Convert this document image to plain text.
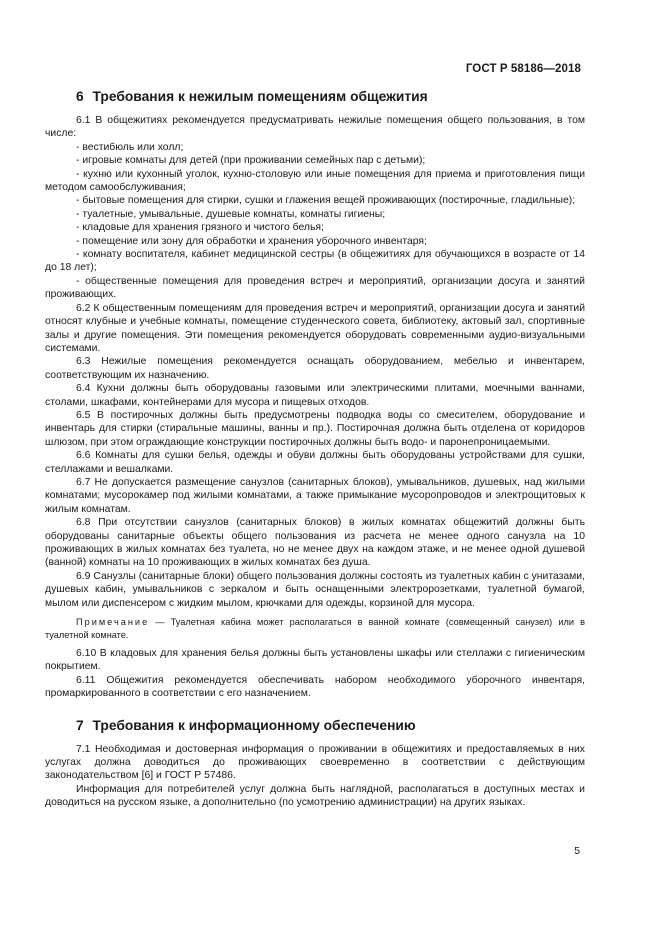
ГОСТ Р 58186—2018
6 Требования к нежилым помещениям общежития

6.1 В общежитиях рекомендуется предусматривать нежилые помещения общего пользования, в том числе:

- вестибюль или холл;

- игровые комнаты для детей (при проживании семейных пар с детьми);

- кухню или кухонный уголок, кухню-столовую или иные помещения для приема и приготовления пищи методом самообслуживания;

- бытовые помещения для стирки, сушки и глажения вещей проживающих (постирочные, гладильные);

- туалетные, умывальные, душевые комнаты, комнаты гигиены;

- кладовые для хранения грязного и чистого белья;

- помещение или зону для обработки и хранения уборочного инвентаря;

- комнату воспитателя, кабинет медицинской сестры (в общежитиях для обучающихся в возрасте от 14 до 18 лет);

- общественные помещения для проведения встреч и мероприятий, организации досуга и занятий проживающих.

6.2 К общественным помещениям для проведения встреч и мероприятий, организации досуга и занятий относят клубные и учебные комнаты, помещение студенческого совета, библиотеку, актовый зал, спортивные залы и другие помещения. Эти помещения рекомендуется оборудовать современными аудио-визуальными системами.

6.3 Нежилые помещения рекомендуется оснащать оборудованием, мебелью и инвентарем, соответствующим их назначению.

6.4 Кухни должны быть оборудованы газовыми или электрическими плитами, моечными ваннами, столами, шкафами, контейнерами для мусора и пищевых отходов.

6.5 В постирочных должны быть предусмотрены подводка воды со смесителем, оборудование и инвентарь для стирки (стиральные машины, ванны и пр.). Постирочная должна быть отделена от коридоров шлюзом, при этом ограждающие конструкции постирочных должны быть водо- и паронепроницаемыми.

6.6 Комнаты для сушки белья, одежды и обуви должны быть оборудованы устройствами для сушки, стеллажами и вешалками.

6.7 Не допускается размещение санузлов (санитарных блоков), умывальников, душевых, над жилыми комнатами; мусорокамер под жилыми комнатами, а также примыкание мусоропроводов и электрощитовых к жилым комнатам.

6.8 При отсутствии санузлов (санитарных блоков) в жилых комнатах общежитий должны быть оборудованы санитарные объекты общего пользования из расчета не менее одного санузла на 10 проживающих в жилых комнатах без туалета, но не менее двух на каждом этаже, и не менее одной душевой (ванной) комнаты на 10 проживающих в жилых комнатах без душа.

6.9 Санузлы (санитарные блоки) общего пользования должны состоять из туалетных кабин с унитазами, душевых кабин, умывальников с зеркалом и быть оснащенными электророзетками, туалетной бумагой, мылом или диспенсером с жидким мылом, крючками для одежды, корзиной для мусора.

Примечание — Туалетная кабина может располагаться в ванной комнате (совмещенный санузел) или в туалетной комнате.

6.10 В кладовых для хранения белья должны быть установлены шкафы или стеллажи с гигиеническим покрытием.

6.11 Общежития рекомендуется обеспечивать набором необходимого уборочного инвентаря, промаркированного в соответствии с его назначением.

7 Требования к информационному обеспечению

7.1 Необходимая и достоверная информация о проживании в общежитиях и предоставляемых в них услугах должна доводиться до проживающих своевременно в соответствии с действующим законодательством [6] и ГОСТ Р 57486.

Информация для потребителей услуг должна быть наглядной, располагаться в доступных местах и доводиться на русском языке, а дополнительно (по усмотрению администрации) на других языках.

5
